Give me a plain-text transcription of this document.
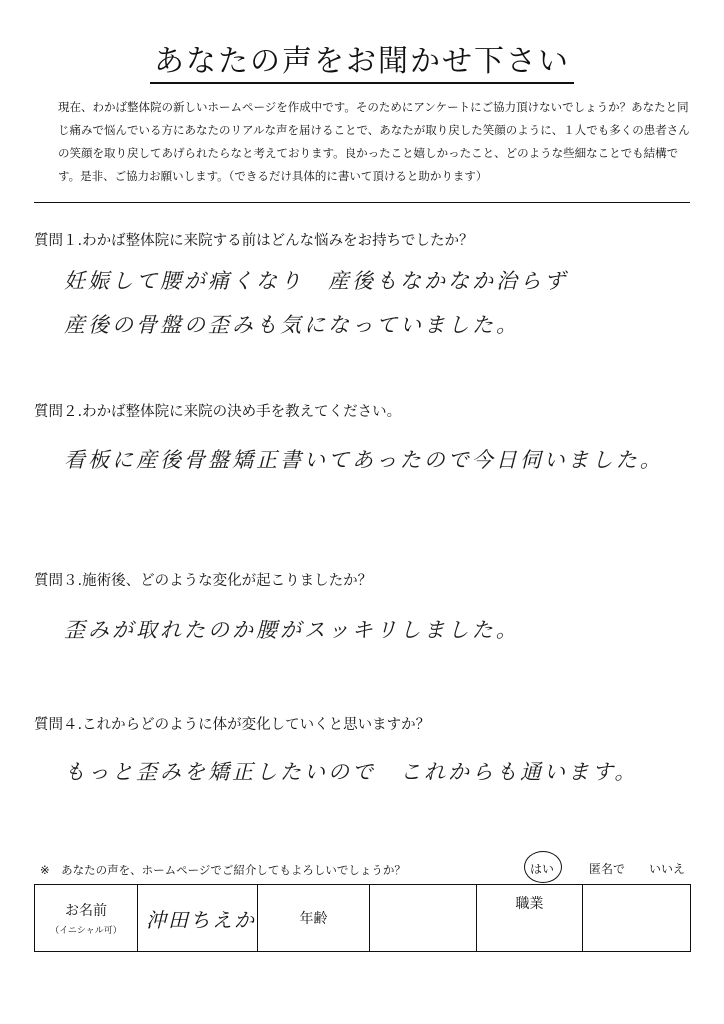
あなたの声をお聞かせ下さい
現在、わかば整体院の新しいホームページを作成中です。そのためにアンケートにご協力頂けないでしょうか？あなたと同じ痛みで悩んでいる方にあなたのリアルな声を届けることで、あなたが取り戻した笑顔のように、１人でも多くの患者さんの笑顔を取り戻してあげられたらなと考えております。良かったこと嬉しかったこと、どのような些細なことでも結構です。是非、ご協力お願いします。（できるだけ具体的に書いて頂けると助かります）
質問１.わかば整体院に来院する前はどんな悩みをお持ちでしたか？
妊娠して腰が痛くなり　産後もなかなか治らず
産後の骨盤の歪みも気になっていました。
質問２.わかば整体院に来院の決め手を教えてください。
看板に産後骨盤矯正書いてあったので今日伺いました。
質問３.施術後、どのような変化が起こりましたか？
歪みが取れたのか腰がスッキリしました。
質問４.これからどのように体が変化していくと思いますか？
もっと歪みを矯正したいので　これからも通います。
※　あなたの声を、ホームページでご紹介してもよろしいでしょうか？	はい	匿名で いいえ
お名前
（イニシャル可）	沖田ちえか	年齢		職業	
